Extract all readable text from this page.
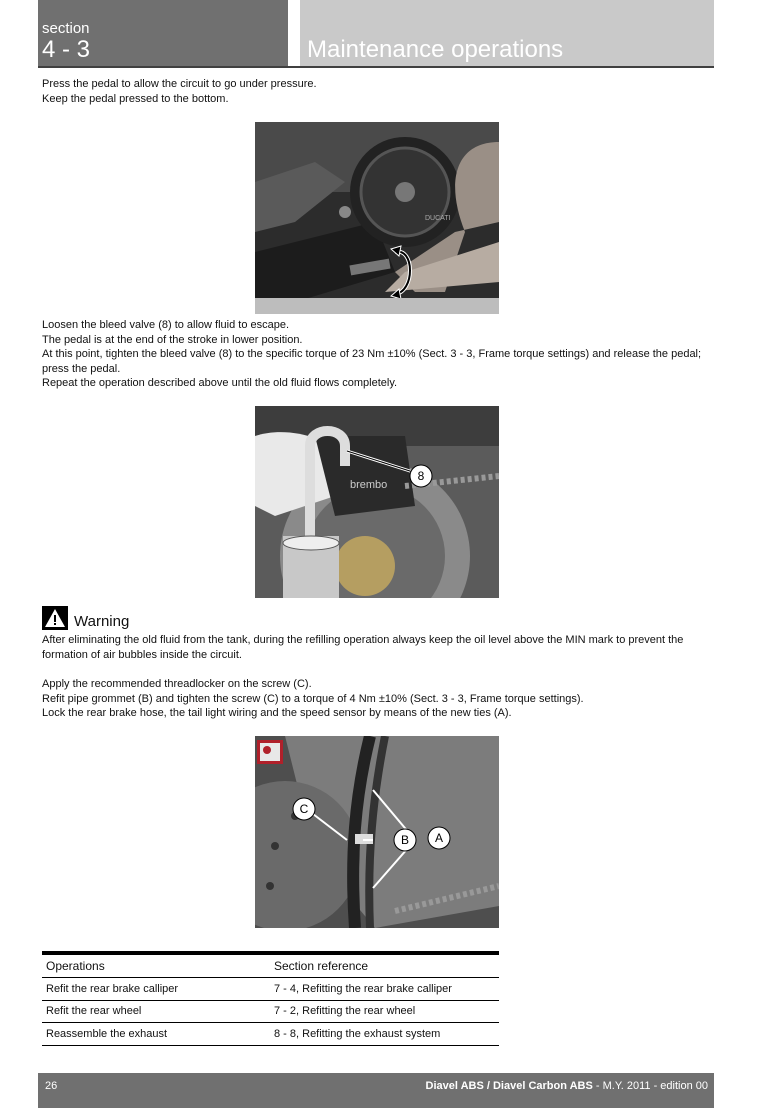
section
4 - 3	Maintenance operations

Press the pedal to allow the circuit to go under pressure.

Keep the pedal pressed to the bottom.

DUCATI

Loosen the bleed valve (8) to allow fluid to escape.

The pedal is at the end of the stroke in lower position.

At this point, tighten the bleed valve (8) to the specific torque of 23 Nm ±10% (Sect. 3 - 3, Frame torque settings) and release the pedal; press the pedal.

Repeat the operation described above until the old fluid flows completely.

brembo
8
Warning

After eliminating the old fluid from the tank, during the refilling operation always keep the oil level above the MIN mark to prevent the formation of air bubbles inside the circuit.

Apply the recommended threadlocker on the screw (C).

Refit pipe grommet (B) and tighten the screw (C) to a torque of 4 Nm ±10% (Sect. 3 - 3, Frame torque settings).

Lock the rear brake hose, the tail light wiring and the speed sensor by means of the new ties (A).

C
B A
Operations	Section reference
Refit the rear brake calliper	7 - 4, Refitting the rear brake calliper
Refit the rear wheel	7 - 2, Refitting the rear wheel
Reassemble the exhaust	8 - 8, Refitting the exhaust system
26	Diavel ABS / Diavel Carbon ABS - M.Y. 2011 - edition 00
